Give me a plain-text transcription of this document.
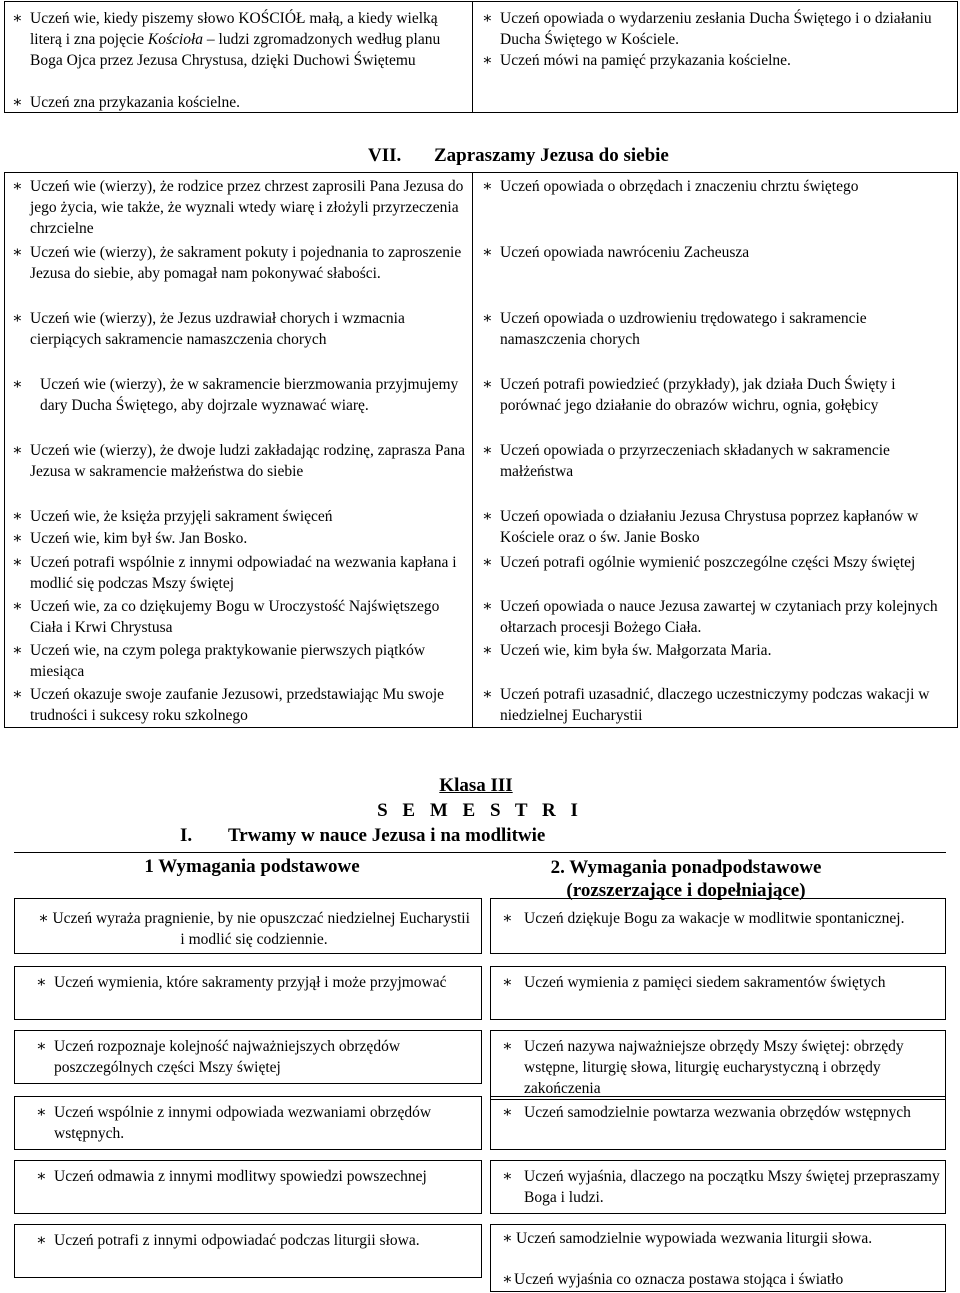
∗ Uczeń wie, kiedy piszemy słowo KOŚCIÓŁ małą, a kiedy wielką literą i zna pojęcie Kościoła – ludzi zgromadzonych według planu Boga Ojca przez Jezusa Chrystusa, dzięki Duchowi Świętemu
∗ Uczeń zna przykazania kościelne.
∗ Uczeń opowiada o wydarzeniu zesłania Ducha Świętego i o działaniu Ducha Świętego w Kościele.
∗ Uczeń mówi na pamięć przykazania kościelne.
VII. Zapraszamy Jezusa do siebie
∗ Uczeń wie (wierzy), że rodzice przez chrzest zaprosili Pana Jezusa do jego życia, wie także, że wyznali wtedy wiarę i złożyli przyrzeczenia chrzcielne
∗ Uczeń wie (wierzy), że sakrament pokuty i pojednania to zaproszenie Jezusa do siebie, aby pomagał nam pokonywać słabości.
∗ Uczeń wie (wierzy), że Jezus uzdrawiał chorych i wzmacnia cierpiących sakramencie namaszczenia chorych
∗	Uczeń wie (wierzy), że w sakramencie bierzmowania przyjmujemy dary Ducha Świętego, aby dojrzale wyznawać wiarę.
∗ Uczeń wie (wierzy), że dwoje ludzi zakładając rodzinę, zaprasza Pana Jezusa w sakramencie małżeństwa do siebie
∗ Uczeń wie, że księża przyjęli sakrament święceń
∗ Uczeń wie, kim był św. Jan Bosko.
∗ Uczeń potrafi wspólnie z innymi odpowiadać na wezwania kapłana i modlić się podczas Mszy świętej
∗ Uczeń wie, za co dziękujemy Bogu w Uroczystość Najświętszego Ciała i Krwi Chrystusa
∗ Uczeń wie, na czym polega praktykowanie pierwszych piątków miesiąca
∗ Uczeń okazuje swoje zaufanie Jezusowi, przedstawiając Mu swoje trudności i sukcesy roku szkolnego
∗ Uczeń opowiada o obrzędach i znaczeniu chrztu świętego
∗ Uczeń opowiada nawróceniu Zacheusza
∗ Uczeń opowiada o uzdrowieniu trędowatego i sakramencie namaszczenia chorych
∗ Uczeń potrafi powiedzieć (przykłady), jak działa Duch Święty i porównać jego działanie do obrazów wichru, ognia, gołębicy
∗ Uczeń opowiada o przyrzeczeniach składanych w sakramencie małżeństwa
∗ Uczeń opowiada o działaniu Jezusa Chrystusa poprzez kapłanów w Kościele oraz o św. Janie Bosko
∗ Uczeń potrafi ogólnie wymienić poszczególne części Mszy świętej
∗ Uczeń opowiada o nauce Jezusa zawartej w czytaniach przy kolejnych ołtarzach procesji Bożego Ciała.
∗ Uczeń wie, kim była św. Małgorzata Maria.
∗ Uczeń potrafi uzasadnić, dlaczego uczestniczymy podczas wakacji w niedzielnej Eucharystii
Klasa III
S E M E S T R I
I. Trwamy w nauce Jezusa i na modlitwie
1 Wymagania podstawowe	2. Wymagania ponadpodstawowe
(rozszerzające i dopełniające)
∗ Uczeń wyraża pragnienie, by nie opuszczać niedzielnej Eucharystii i modlić się codziennie.
∗ Uczeń wymienia, które sakramenty przyjął i może przyjmować
∗ Uczeń rozpoznaje kolejność najważniejszych obrzędów poszczególnych części Mszy świętej
∗ Uczeń wspólnie z innymi odpowiada wezwaniami obrzędów wstępnych.
∗ Uczeń odmawia z innymi modlitwy spowiedzi powszechnej
∗ Uczeń potrafi z innymi odpowiadać podczas liturgii słowa.
∗ Uczeń dziękuje Bogu za wakacje w modlitwie spontanicznej.
∗ Uczeń wymienia z pamięci siedem sakramentów świętych
∗ Uczeń nazywa najważniejsze obrzędy Mszy świętej: obrzędy wstępne, liturgię słowa, liturgię eucharystyczną i obrzędy zakończenia
∗ Uczeń samodzielnie powtarza wezwania obrzędów wstępnych
∗ Uczeń wyjaśnia, dlaczego na początku Mszy świętej przepraszamy Boga i ludzi.
∗ Uczeń samodzielnie wypowiada wezwania liturgii słowa.
∗ Uczeń wyjaśnia co oznacza postawa stojąca i światło
